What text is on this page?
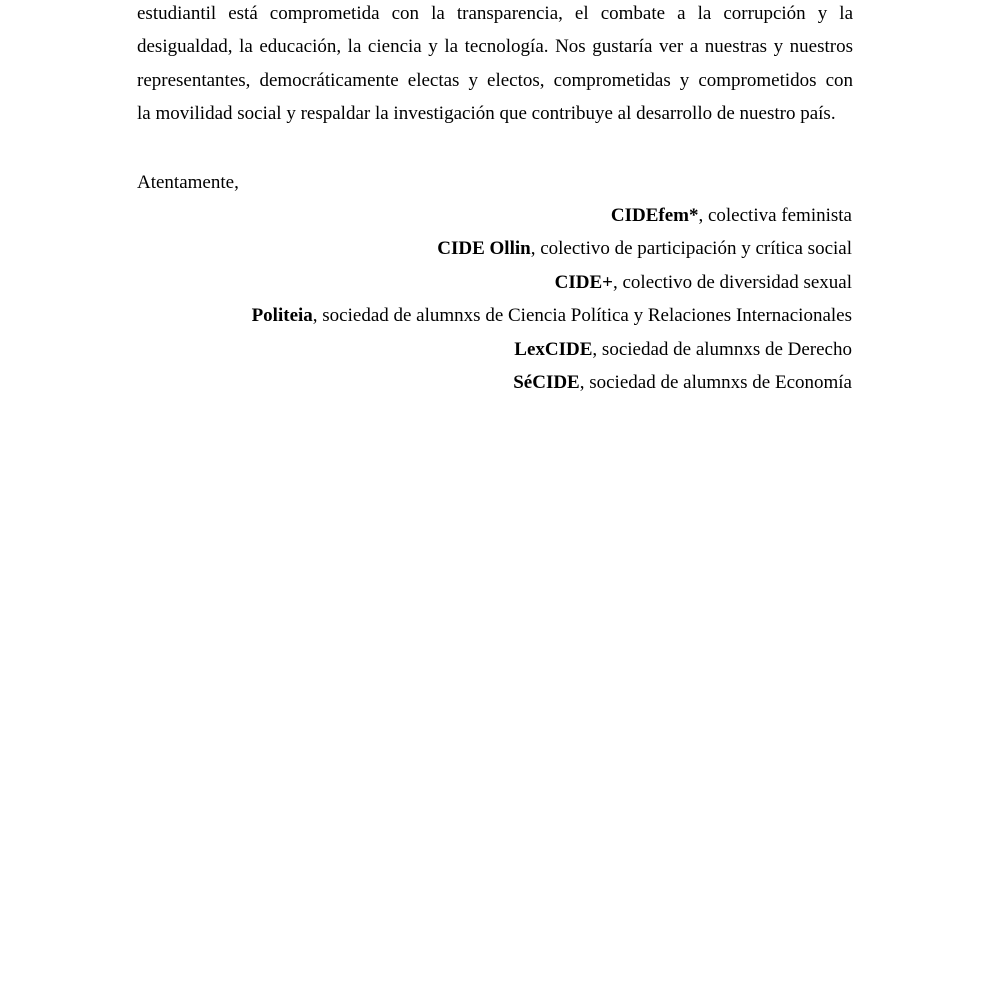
estudiantil está comprometida con la transparencia, el combate a la corrupción y la
desigualdad, la educación, la ciencia y la tecnología. Nos gustaría ver a nuestras y nuestros
representantes, democráticamente electas y electos, comprometidas y comprometidos con
la movilidad social y respaldar la investigación que contribuye al desarrollo de nuestro país.
Atentamente,
CIDEfem*, colectiva feminista
CIDE Ollin, colectivo de participación y crítica social
CIDE+, colectivo de diversidad sexual
Politeia, sociedad de alumnxs de Ciencia Política y Relaciones Internacionales
LexCIDE, sociedad de alumnxs de Derecho
SéCIDE, sociedad de alumnxs de Economía
